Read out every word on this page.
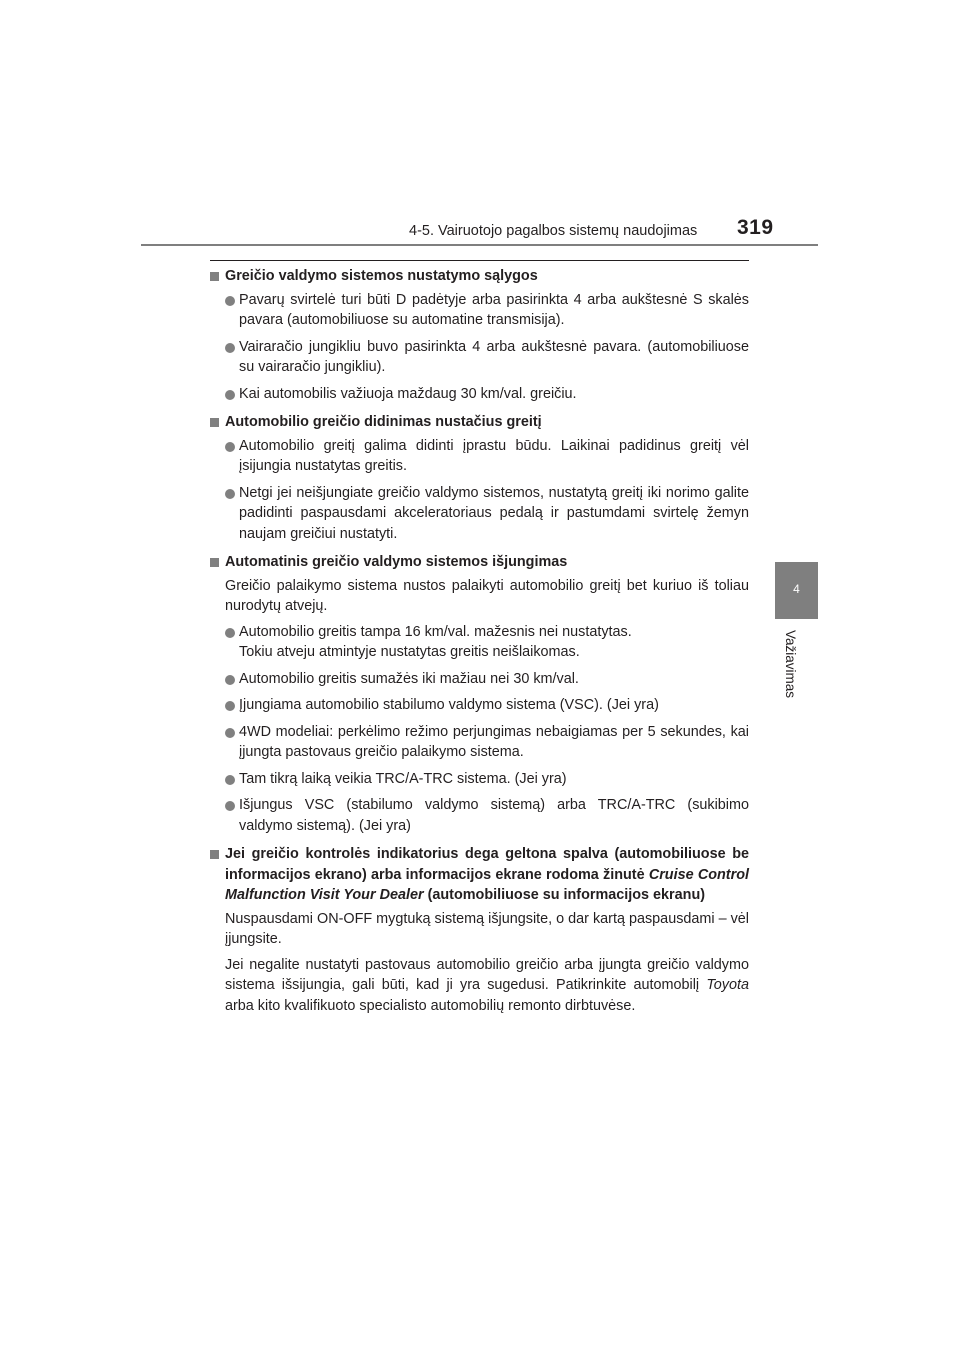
4-5. Vairuotojo pagalbos sistemų naudojimas 319
4
Važiavimas
Greičio valdymo sistemos nustatymo sąlygos
Pavarų svirtelė turi būti D padėtyje arba pasirinkta 4 arba aukštesnė S skalės pavara (automobiliuose su automatine transmisija).
Vairaračio jungikliu buvo pasirinkta 4 arba aukštesnė pavara. (automobiliuose su vairaračio jungikliu).
Kai automobilis važiuoja maždaug 30 km/val. greičiu.
Automobilio greičio didinimas nustačius greitį
Automobilio greitį galima didinti įprastu būdu. Laikinai padidinus greitį vėl įsijungia nustatytas greitis.
Netgi jei neišjungiate greičio valdymo sistemos, nustatytą greitį iki norimo galite padidinti paspausdami akceleratoriaus pedalą ir pastumdami svirtelę žemyn naujam greičiui nustatyti.
Automatinis greičio valdymo sistemos išjungimas
Greičio palaikymo sistema nustos palaikyti automobilio greitį bet kuriuo iš toliau nurodytų atvejų.
Automobilio greitis tampa 16 km/val. mažesnis nei nustatytas.
Tokiu atveju atmintyje nustatytas greitis neišlaikomas.
Automobilio greitis sumažės iki mažiau nei 30 km/val.
Įjungiama automobilio stabilumo valdymo sistema (VSC). (Jei yra)
4WD modeliai: perkėlimo režimo perjungimas nebaigiamas per 5 sekundes, kai įjungta pastovaus greičio palaikymo sistema.
Tam tikrą laiką veikia TRC/A-TRC sistema. (Jei yra)
Išjungus VSC (stabilumo valdymo sistemą) arba TRC/A-TRC (sukibimo valdymo sistemą). (Jei yra)
Jei greičio kontrolės indikatorius dega geltona spalva (automobiliuose be informacijos ekrano) arba informacijos ekrane rodoma žinutė Cruise Control Malfunction Visit Your Dealer (automobiliuose su informacijos ekranu)
Nuspausdami ON-OFF mygtuką sistemą išjungsite, o dar kartą paspausdami – vėl įjungsite.
Jei negalite nustatyti pastovaus automobilio greičio arba įjungta greičio valdymo sistema išsijungia, gali būti, kad ji yra sugedusi. Patikrinkite automobilį Toyota arba kito kvalifikuoto specialisto automobilių remonto dirbtuvėse.
